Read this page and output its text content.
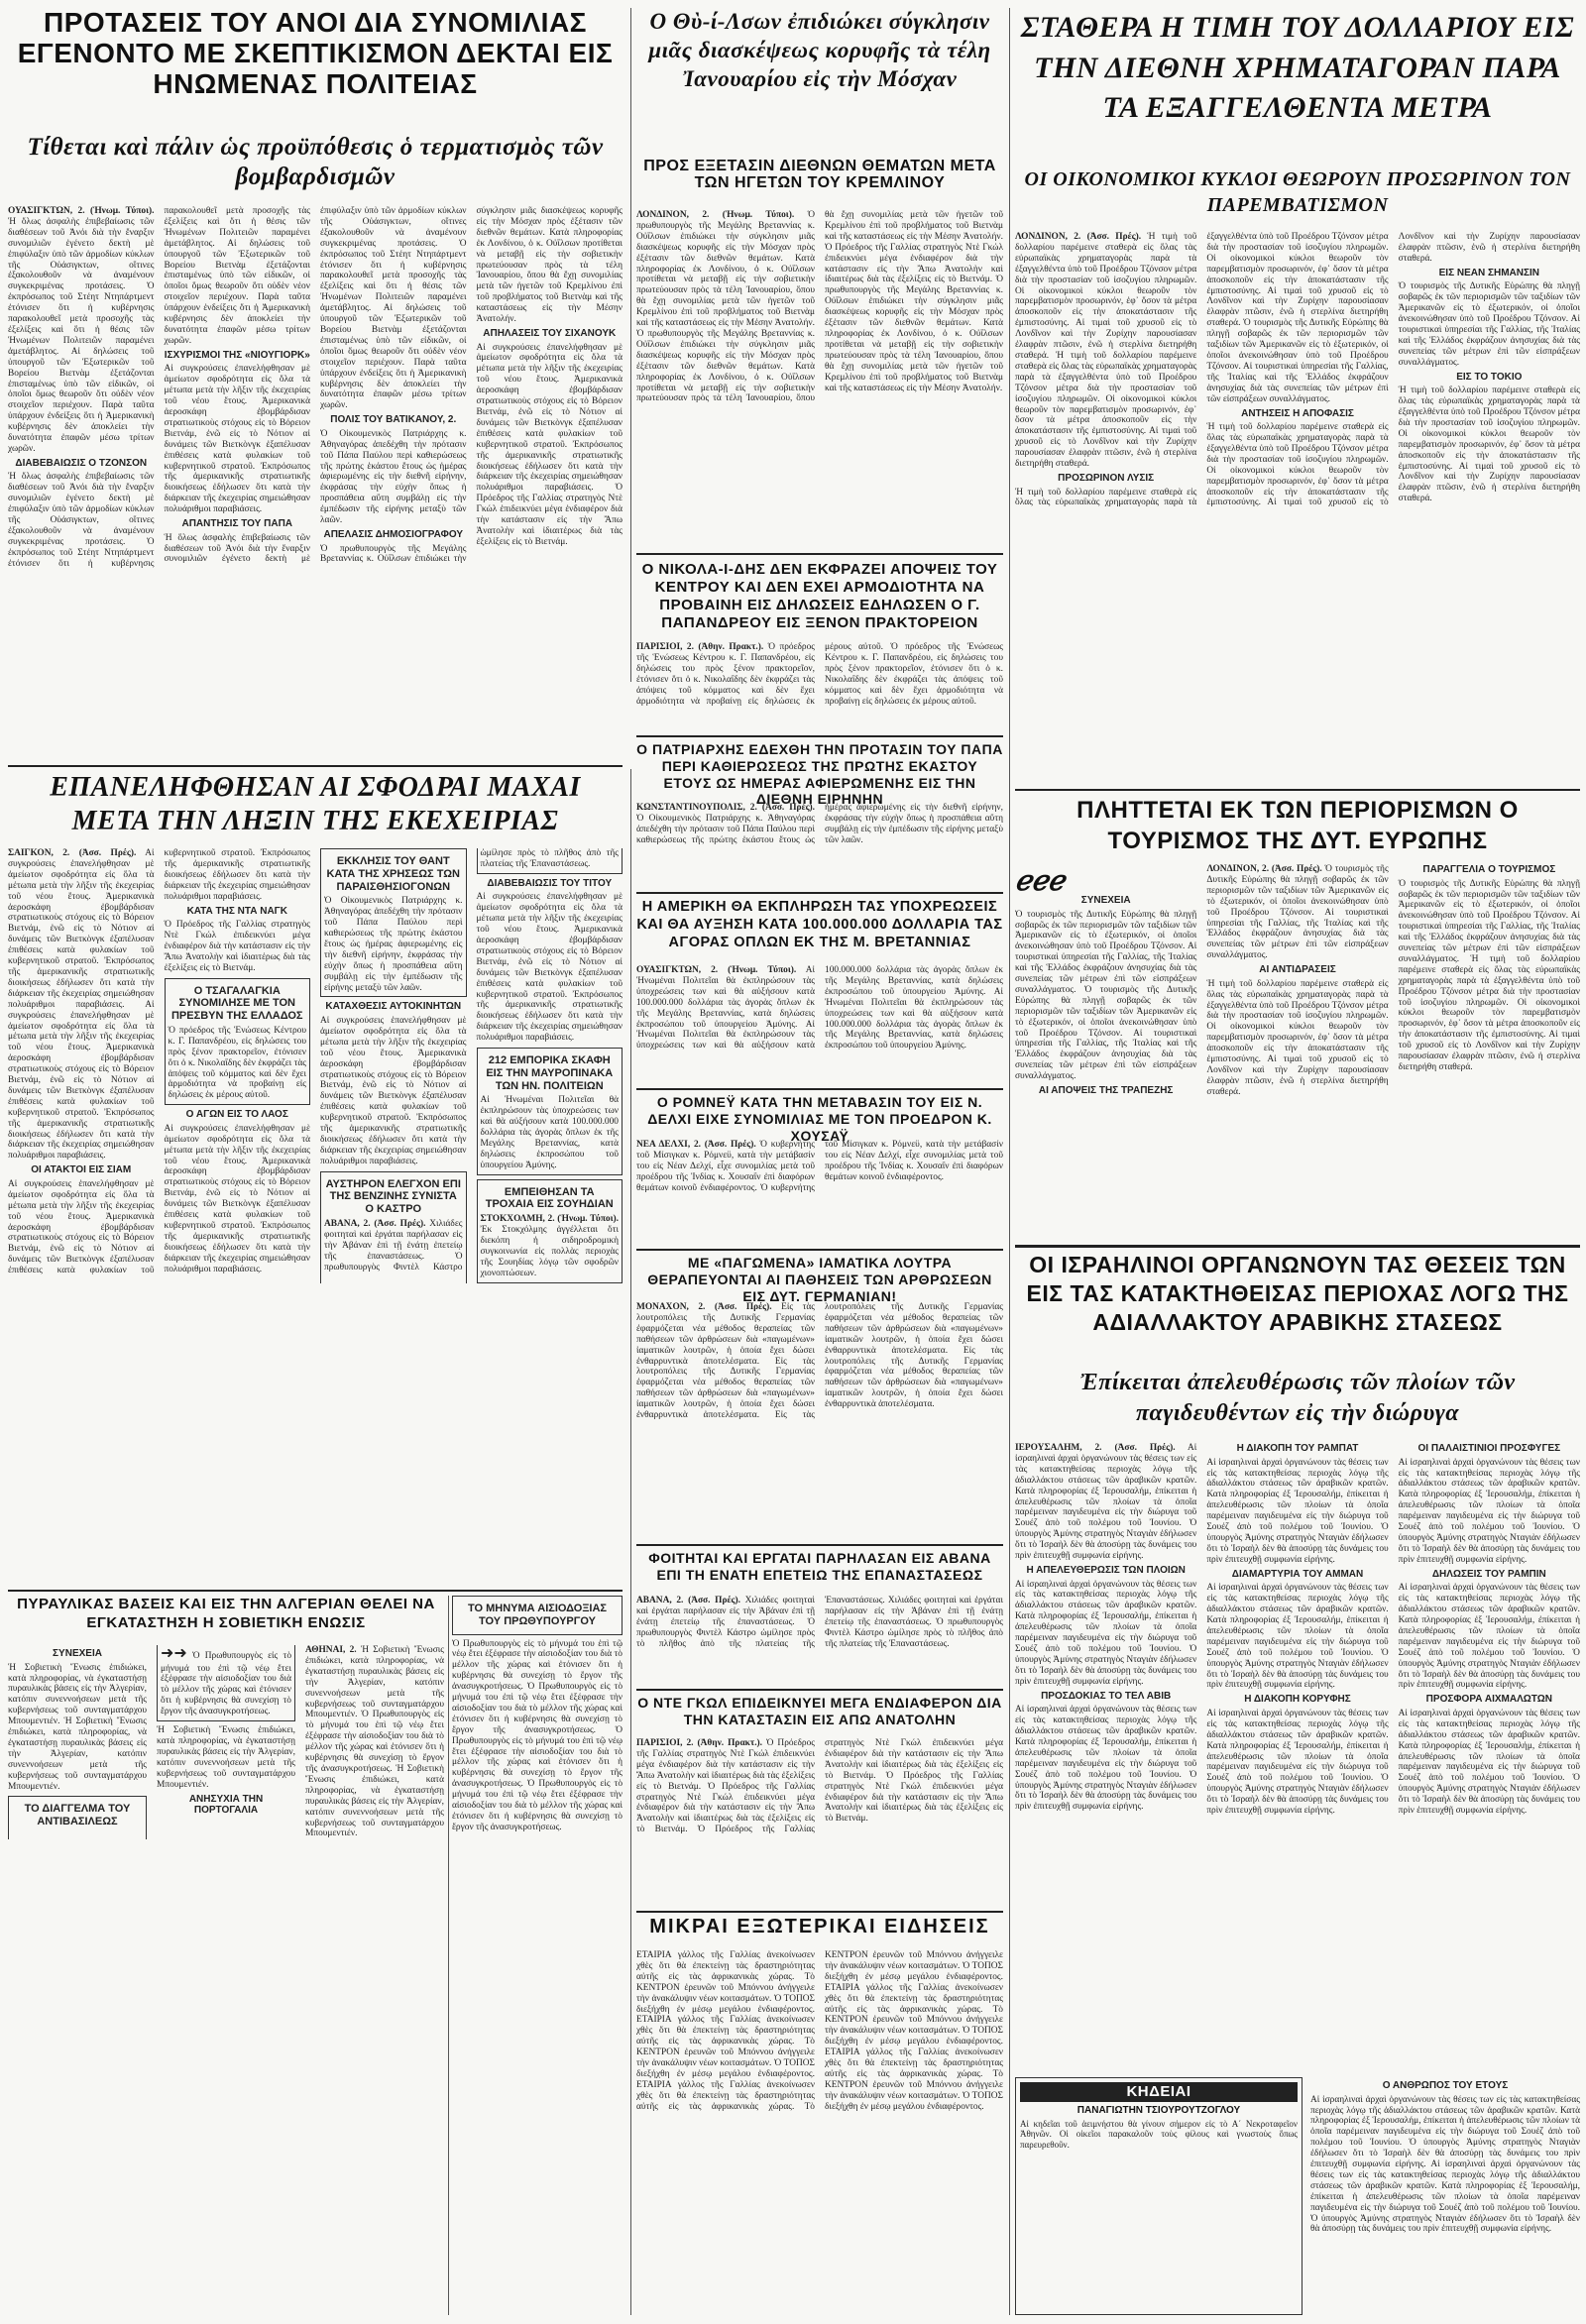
ΠΡΟΤΑΣΕΙΣ ΤΟΥ ΑΝΟΙ ΔΙΑ ΣΥΝΟΜΙΛΙΑΣ ΕΓΕΝΟΝΤΟ ΜΕ ΣΚΕΠΤΙΚΙΣΜΟΝ ΔΕΚΤΑΙ ΕΙΣ ΗΝΩΜΕΝΑΣ ΠΟΛΙΤΕΙΑΣ
Τίθεται καὶ πάλιν ὡς προϋπόθεσις ὁ τερματισμὸς τῶν βομβαρδισμῶν
ΟΥΑΣΙΓΚΤΩΝ, 2. (Ἡνωμ. Τύποι). Ἡ ὅλως ἀσφαλὴς ἐπιβεβαίωσις τῶν διαθέσεων τοῦ Ἀνόι διὰ τὴν ἔναρξιν συνομιλιῶν ἐγένετο δεκτὴ μὲ ἐπιφύλαξιν ὑπὸ τῶν ἁρμοδίων κύκλων τῆς Οὐάσιγκτων, οἵτινες ἐξακολουθοῦν νὰ ἀναμένουν συγκεκριμένας προτάσεις. Ὁ ἐκπρόσωπος τοῦ Στέητ Ντηπάρτμεντ ἐτόνισεν ὅτι ἡ κυβέρνησις παρακολουθεῖ μετὰ προσοχῆς τὰς ἐξελίξεις καὶ ὅτι ἡ θέσις τῶν Ἡνωμένων Πολιτειῶν παραμένει ἀμετάβλητος. Αἱ δηλώσεις τοῦ ὑπουργοῦ τῶν Ἐξωτερικῶν τοῦ Βορείου Βιετνὰμ ἐξετάζονται ἐπισταμένως ὑπὸ τῶν εἰδικῶν, οἱ ὁποῖοι ὅμως θεωροῦν ὅτι οὐδὲν νέον στοιχεῖον περιέχουν. Παρὰ ταῦτα ὑπάρχουν ἐνδείξεις ὅτι ἡ Ἀμερικανικὴ κυβέρνησις δὲν ἀποκλείει τὴν δυνατότητα ἐπαφῶν μέσω τρίτων χωρῶν.
ΔΙΑΒΕΒΑΙΩΣΙΣ Ο ΤΖΟΝΣΟΝ
Ἡ ὅλως ἀσφαλὴς ἐπιβεβαίωσις τῶν διαθέσεων τοῦ Ἀνόι διὰ τὴν ἔναρξιν συνομιλιῶν ἐγένετο δεκτὴ μὲ ἐπιφύλαξιν ὑπὸ τῶν ἁρμοδίων κύκλων τῆς Οὐάσιγκτων, οἵτινες ἐξακολουθοῦν νὰ ἀναμένουν συγκεκριμένας προτάσεις. Ὁ ἐκπρόσωπος τοῦ Στέητ Ντηπάρτμεντ ἐτόνισεν ὅτι ἡ κυβέρνησις παρακολουθεῖ μετὰ προσοχῆς τὰς ἐξελίξεις καὶ ὅτι ἡ θέσις τῶν Ἡνωμένων Πολιτειῶν παραμένει ἀμετάβλητος. Αἱ δηλώσεις τοῦ ὑπουργοῦ τῶν Ἐξωτερικῶν τοῦ Βορείου Βιετνὰμ ἐξετάζονται ἐπισταμένως ὑπὸ τῶν εἰδικῶν, οἱ ὁποῖοι ὅμως θεωροῦν ὅτι οὐδὲν νέον στοιχεῖον περιέχουν. Παρὰ ταῦτα ὑπάρχουν ἐνδείξεις ὅτι ἡ Ἀμερικανικὴ κυβέρνησις δὲν ἀποκλείει τὴν δυνατότητα ἐπαφῶν μέσω τρίτων χωρῶν.
ΙΣΧΥΡΙΣΜΟΙ ΤΗΣ «ΝΙΟΥΓΙΟΡΚ»
Αἱ συγκρούσεις ἐπανελήφθησαν μὲ ἀμείωτον σφοδρότητα εἰς ὅλα τὰ μέτωπα μετὰ τὴν λῆξιν τῆς ἐκεχειρίας τοῦ νέου ἔτους. Ἀμερικανικὰ ἀεροσκάφη ἐβομβάρδισαν στρατιωτικοὺς στόχους εἰς τὸ Βόρειον Βιετνάμ, ἐνῶ εἰς τὸ Νότιον αἱ δυνάμεις τῶν Βιετκὸνγκ ἐξαπέλυσαν ἐπιθέσεις κατὰ φυλακίων τοῦ κυβερνητικοῦ στρατοῦ. Ἐκπρόσωπος τῆς ἀμερικανικῆς στρατιωτικῆς διοικήσεως ἐδήλωσεν ὅτι κατὰ τὴν διάρκειαν τῆς ἐκεχειρίας σημειώθησαν πολυάριθμοι παραβιάσεις.
ΑΠΑΝΤΗΣΙΣ ΤΟΥ ΠΑΠΑ
Ἡ ὅλως ἀσφαλὴς ἐπιβεβαίωσις τῶν διαθέσεων τοῦ Ἀνόι διὰ τὴν ἔναρξιν συνομιλιῶν ἐγένετο δεκτὴ μὲ ἐπιφύλαξιν ὑπὸ τῶν ἁρμοδίων κύκλων τῆς Οὐάσιγκτων, οἵτινες ἐξακολουθοῦν νὰ ἀναμένουν συγκεκριμένας προτάσεις. Ὁ ἐκπρόσωπος τοῦ Στέητ Ντηπάρτμεντ ἐτόνισεν ὅτι ἡ κυβέρνησις παρακολουθεῖ μετὰ προσοχῆς τὰς ἐξελίξεις καὶ ὅτι ἡ θέσις τῶν Ἡνωμένων Πολιτειῶν παραμένει ἀμετάβλητος. Αἱ δηλώσεις τοῦ ὑπουργοῦ τῶν Ἐξωτερικῶν τοῦ Βορείου Βιετνὰμ ἐξετάζονται ἐπισταμένως ὑπὸ τῶν εἰδικῶν, οἱ ὁποῖοι ὅμως θεωροῦν ὅτι οὐδὲν νέον στοιχεῖον περιέχουν. Παρὰ ταῦτα ὑπάρχουν ἐνδείξεις ὅτι ἡ Ἀμερικανικὴ κυβέρνησις δὲν ἀποκλείει τὴν δυνατότητα ἐπαφῶν μέσω τρίτων χωρῶν.
ΠΟΛΙΣ ΤΟΥ ΒΑΤΙΚΑΝΟΥ, 2.
Ὁ Οἰκουμενικὸς Πατριάρχης κ. Ἀθηναγόρας ἀπεδέχθη τὴν πρότασιν τοῦ Πάπα Παύλου περὶ καθιερώσεως τῆς πρώτης ἑκάστου ἔτους ὡς ἡμέρας ἀφιερωμένης εἰς τὴν διεθνῆ εἰρήνην, ἐκφράσας τὴν εὐχὴν ὅπως ἡ προσπάθεια αὕτη συμβάλῃ εἰς τὴν ἐμπέδωσιν τῆς εἰρήνης μεταξὺ τῶν λαῶν.
ΑΠΕΛΑΣΙΣ ΔΗΜΟΣΙΟΓΡΑΦΟΥ
Ὁ πρωθυπουργὸς τῆς Μεγάλης Βρεταννίας κ. Οὐΐλσων ἐπιδιώκει τὴν σύγκλησιν μιᾶς διασκέψεως κορυφῆς εἰς τὴν Μόσχαν πρὸς ἐξέτασιν τῶν διεθνῶν θεμάτων. Κατὰ πληροφορίας ἐκ Λονδίνου, ὁ κ. Οὐΐλσων προτίθεται νὰ μεταβῇ εἰς τὴν σοβιετικὴν πρωτεύουσαν πρὸς τὰ τέλη Ἰανουαρίου, ὅπου θὰ ἔχῃ συνομιλίας μετὰ τῶν ἡγετῶν τοῦ Κρεμλίνου ἐπὶ τοῦ προβλήματος τοῦ Βιετνὰμ καὶ τῆς καταστάσεως εἰς τὴν Μέσην Ἀνατολήν.
ΑΠΗΛΑΣΕΙΣ ΤΟΥ ΣΙΧΑΝΟΥΚ
Αἱ συγκρούσεις ἐπανελήφθησαν μὲ ἀμείωτον σφοδρότητα εἰς ὅλα τὰ μέτωπα μετὰ τὴν λῆξιν τῆς ἐκεχειρίας τοῦ νέου ἔτους. Ἀμερικανικὰ ἀεροσκάφη ἐβομβάρδισαν στρατιωτικοὺς στόχους εἰς τὸ Βόρειον Βιετνάμ, ἐνῶ εἰς τὸ Νότιον αἱ δυνάμεις τῶν Βιετκὸνγκ ἐξαπέλυσαν ἐπιθέσεις κατὰ φυλακίων τοῦ κυβερνητικοῦ στρατοῦ. Ἐκπρόσωπος τῆς ἀμερικανικῆς στρατιωτικῆς διοικήσεως ἐδήλωσεν ὅτι κατὰ τὴν διάρκειαν τῆς ἐκεχειρίας σημειώθησαν πολυάριθμοι παραβιάσεις. Ὁ Πρόεδρος τῆς Γαλλίας στρατηγὸς Ντὲ Γκώλ ἐπιδεικνύει μέγα ἐνδιαφέρον διὰ τὴν κατάστασιν εἰς τὴν Ἄπω Ἀνατολὴν καὶ ἰδιαιτέρως διὰ τὰς ἐξελίξεις εἰς τὸ Βιετνάμ.
Ο Θὺ-ί-Λσων ἐπιδιώκει σύγκλησιν μιᾶς διασκέψεως κορυφῆς τὰ τέλη Ἰανουαρίου εἰς τὴν Μόσχαν
ΠΡΟΣ ΕΞΕΤΑΣΙΝ ΔΙΕΘΝΩΝ ΘΕΜΑΤΩΝ ΜΕΤΑ ΤΩΝ ΗΓΕΤΩΝ ΤΟΥ ΚΡΕΜΛΙΝΟΥ
ΛΟΝΔΙΝΟΝ, 2. (Ἡνωμ. Τύποι). Ὁ πρωθυπουργὸς τῆς Μεγάλης Βρεταννίας κ. Οὐΐλσων ἐπιδιώκει τὴν σύγκλησιν μιᾶς διασκέψεως κορυφῆς εἰς τὴν Μόσχαν πρὸς ἐξέτασιν τῶν διεθνῶν θεμάτων. Κατὰ πληροφορίας ἐκ Λονδίνου, ὁ κ. Οὐΐλσων προτίθεται νὰ μεταβῇ εἰς τὴν σοβιετικὴν πρωτεύουσαν πρὸς τὰ τέλη Ἰανουαρίου, ὅπου θὰ ἔχῃ συνομιλίας μετὰ τῶν ἡγετῶν τοῦ Κρεμλίνου ἐπὶ τοῦ προβλήματος τοῦ Βιετνὰμ καὶ τῆς καταστάσεως εἰς τὴν Μέσην Ἀνατολήν. Ὁ πρωθυπουργὸς τῆς Μεγάλης Βρεταννίας κ. Οὐΐλσων ἐπιδιώκει τὴν σύγκλησιν μιᾶς διασκέψεως κορυφῆς εἰς τὴν Μόσχαν πρὸς ἐξέτασιν τῶν διεθνῶν θεμάτων. Κατὰ πληροφορίας ἐκ Λονδίνου, ὁ κ. Οὐΐλσων προτίθεται νὰ μεταβῇ εἰς τὴν σοβιετικὴν πρωτεύουσαν πρὸς τὰ τέλη Ἰανουαρίου, ὅπου θὰ ἔχῃ συνομιλίας μετὰ τῶν ἡγετῶν τοῦ Κρεμλίνου ἐπὶ τοῦ προβλήματος τοῦ Βιετνὰμ καὶ τῆς καταστάσεως εἰς τὴν Μέσην Ἀνατολήν. Ὁ Πρόεδρος τῆς Γαλλίας στρατηγὸς Ντὲ Γκώλ ἐπιδεικνύει μέγα ἐνδιαφέρον διὰ τὴν κατάστασιν εἰς τὴν Ἄπω Ἀνατολὴν καὶ ἰδιαιτέρως διὰ τὰς ἐξελίξεις εἰς τὸ Βιετνάμ. Ὁ πρωθυπουργὸς τῆς Μεγάλης Βρεταννίας κ. Οὐΐλσων ἐπιδιώκει τὴν σύγκλησιν μιᾶς διασκέψεως κορυφῆς εἰς τὴν Μόσχαν πρὸς ἐξέτασιν τῶν διεθνῶν θεμάτων. Κατὰ πληροφορίας ἐκ Λονδίνου, ὁ κ. Οὐΐλσων προτίθεται νὰ μεταβῇ εἰς τὴν σοβιετικὴν πρωτεύουσαν πρὸς τὰ τέλη Ἰανουαρίου, ὅπου θὰ ἔχῃ συνομιλίας μετὰ τῶν ἡγετῶν τοῦ Κρεμλίνου ἐπὶ τοῦ προβλήματος τοῦ Βιετνὰμ καὶ τῆς καταστάσεως εἰς τὴν Μέσην Ἀνατολήν.
ΣΤΑΘΕΡΑ Η ΤΙΜΗ ΤΟΥ ΔΟΛΛΑΡΙΟΥ ΕΙΣ ΤΗΝ ΔΙΕΘΝΗ ΧΡΗΜΑΤΑΓΟΡΑΝ ΠΑΡΑ ΤΑ ΕΞΑΓΓΕΛΘΕΝΤΑ ΜΕΤΡΑ
ΟΙ ΟΙΚΟΝΟΜΙΚΟΙ ΚΥΚΛΟΙ ΘΕΩΡΟΥΝ ΠΡΟΣΩΡΙΝΟΝ ΤΟΝ ΠΑΡΕΜΒΑΤΙΣΜΟΝ
ΛΟΝΔΙΝΟΝ, 2. (Ἀσσ. Πρές). Ἡ τιμὴ τοῦ δολλαρίου παρέμεινε σταθερὰ εἰς ὅλας τὰς εὐρωπαϊκὰς χρηματαγορὰς παρὰ τὰ ἐξαγγελθέντα ὑπὸ τοῦ Προέδρου Τζόνσον μέτρα διὰ τὴν προστασίαν τοῦ ἰσοζυγίου πληρωμῶν. Οἱ οἰκονομικοὶ κύκλοι θεωροῦν τὸν παρεμβατισμὸν προσωρινόν, ἐφ᾽ ὅσον τὰ μέτρα ἀποσκοποῦν εἰς τὴν ἀποκατάστασιν τῆς ἐμπιστοσύνης. Αἱ τιμαὶ τοῦ χρυσοῦ εἰς τὸ Λονδῖνον καὶ τὴν Ζυρίχην παρουσίασαν ἐλαφρὰν πτῶσιν, ἐνῶ ἡ στερλίνα διετηρήθη σταθερά. Ἡ τιμὴ τοῦ δολλαρίου παρέμεινε σταθερὰ εἰς ὅλας τὰς εὐρωπαϊκὰς χρηματαγορὰς παρὰ τὰ ἐξαγγελθέντα ὑπὸ τοῦ Προέδρου Τζόνσον μέτρα διὰ τὴν προστασίαν τοῦ ἰσοζυγίου πληρωμῶν. Οἱ οἰκονομικοὶ κύκλοι θεωροῦν τὸν παρεμβατισμὸν προσωρινόν, ἐφ᾽ ὅσον τὰ μέτρα ἀποσκοποῦν εἰς τὴν ἀποκατάστασιν τῆς ἐμπιστοσύνης. Αἱ τιμαὶ τοῦ χρυσοῦ εἰς τὸ Λονδῖνον καὶ τὴν Ζυρίχην παρουσίασαν ἐλαφρὰν πτῶσιν, ἐνῶ ἡ στερλίνα διετηρήθη σταθερά.
ΠΡΟΣΩΡΙΝΟΝ ΛΥΣΙΣ
Ἡ τιμὴ τοῦ δολλαρίου παρέμεινε σταθερὰ εἰς ὅλας τὰς εὐρωπαϊκὰς χρηματαγορὰς παρὰ τὰ ἐξαγγελθέντα ὑπὸ τοῦ Προέδρου Τζόνσον μέτρα διὰ τὴν προστασίαν τοῦ ἰσοζυγίου πληρωμῶν. Οἱ οἰκονομικοὶ κύκλοι θεωροῦν τὸν παρεμβατισμὸν προσωρινόν, ἐφ᾽ ὅσον τὰ μέτρα ἀποσκοποῦν εἰς τὴν ἀποκατάστασιν τῆς ἐμπιστοσύνης. Αἱ τιμαὶ τοῦ χρυσοῦ εἰς τὸ Λονδῖνον καὶ τὴν Ζυρίχην παρουσίασαν ἐλαφρὰν πτῶσιν, ἐνῶ ἡ στερλίνα διετηρήθη σταθερά. Ὁ τουρισμὸς τῆς Δυτικῆς Εὐρώπης θὰ πληγῇ σοβαρῶς ἐκ τῶν περιορισμῶν τῶν ταξιδίων τῶν Ἀμερικανῶν εἰς τὸ ἐξωτερικόν, οἱ ὁποῖοι ἀνεκοινώθησαν ὑπὸ τοῦ Προέδρου Τζόνσον. Αἱ τουριστικαὶ ὑπηρεσίαι τῆς Γαλλίας, τῆς Ἰταλίας καὶ τῆς Ἑλλάδος ἐκφράζουν ἀνησυχίας διὰ τὰς συνεπείας τῶν μέτρων ἐπὶ τῶν εἰσπράξεων συναλλάγματος.
ΑΝΤΗΣΕΙΣ Η ΑΠΟΦΑΣΙΣ
Ἡ τιμὴ τοῦ δολλαρίου παρέμεινε σταθερὰ εἰς ὅλας τὰς εὐρωπαϊκὰς χρηματαγορὰς παρὰ τὰ ἐξαγγελθέντα ὑπὸ τοῦ Προέδρου Τζόνσον μέτρα διὰ τὴν προστασίαν τοῦ ἰσοζυγίου πληρωμῶν. Οἱ οἰκονομικοὶ κύκλοι θεωροῦν τὸν παρεμβατισμὸν προσωρινόν, ἐφ᾽ ὅσον τὰ μέτρα ἀποσκοποῦν εἰς τὴν ἀποκατάστασιν τῆς ἐμπιστοσύνης. Αἱ τιμαὶ τοῦ χρυσοῦ εἰς τὸ Λονδῖνον καὶ τὴν Ζυρίχην παρουσίασαν ἐλαφρὰν πτῶσιν, ἐνῶ ἡ στερλίνα διετηρήθη σταθερά.
ΕΙΣ ΝΕΑΝ ΣΗΜΑΝΣΙΝ
Ὁ τουρισμὸς τῆς Δυτικῆς Εὐρώπης θὰ πληγῇ σοβαρῶς ἐκ τῶν περιορισμῶν τῶν ταξιδίων τῶν Ἀμερικανῶν εἰς τὸ ἐξωτερικόν, οἱ ὁποῖοι ἀνεκοινώθησαν ὑπὸ τοῦ Προέδρου Τζόνσον. Αἱ τουριστικαὶ ὑπηρεσίαι τῆς Γαλλίας, τῆς Ἰταλίας καὶ τῆς Ἑλλάδος ἐκφράζουν ἀνησυχίας διὰ τὰς συνεπείας τῶν μέτρων ἐπὶ τῶν εἰσπράξεων συναλλάγματος.
ΕΙΣ ΤΟ ΤΟΚΙΟ
Ἡ τιμὴ τοῦ δολλαρίου παρέμεινε σταθερὰ εἰς ὅλας τὰς εὐρωπαϊκὰς χρηματαγορὰς παρὰ τὰ ἐξαγγελθέντα ὑπὸ τοῦ Προέδρου Τζόνσον μέτρα διὰ τὴν προστασίαν τοῦ ἰσοζυγίου πληρωμῶν. Οἱ οἰκονομικοὶ κύκλοι θεωροῦν τὸν παρεμβατισμὸν προσωρινόν, ἐφ᾽ ὅσον τὰ μέτρα ἀποσκοποῦν εἰς τὴν ἀποκατάστασιν τῆς ἐμπιστοσύνης. Αἱ τιμαὶ τοῦ χρυσοῦ εἰς τὸ Λονδῖνον καὶ τὴν Ζυρίχην παρουσίασαν ἐλαφρὰν πτῶσιν, ἐνῶ ἡ στερλίνα διετηρήθη σταθερά.
Ο ΝΙΚΟΛΑ-Ι-ΔΗΣ ΔΕΝ ΕΚΦΡΑΖΕΙ ΑΠΟΨΕΙΣ ΤΟΥ ΚΕΝΤΡΟΥ ΚΑΙ ΔΕΝ ΕΧΕΙ ΑΡΜΟΔΙΟΤΗΤΑ ΝΑ ΠΡΟΒΑΙΝΗ ΕΙΣ ΔΗΛΩΣΕΙΣ ΕΔΗΛΩΣΕΝ Ο Γ. ΠΑΠΑΝΔΡΕΟΥ ΕΙΣ ΞΕΝΟΝ ΠΡΑΚΤΟΡΕΙΟΝ
ΠΑΡΙΣΙΟΙ, 2. (Ἀθην. Πρακτ.). Ὁ πρόεδρος τῆς Ἑνώσεως Κέντρου κ. Γ. Παπανδρέου, εἰς δηλώσεις του πρὸς ξένον πρακτορεῖον, ἐτόνισεν ὅτι ὁ κ. Νικολαΐδης δὲν ἐκφράζει τὰς ἀπόψεις τοῦ κόμματος καὶ δὲν ἔχει ἁρμοδιότητα νὰ προβαίνῃ εἰς δηλώσεις ἐκ μέρους αὐτοῦ. Ὁ πρόεδρος τῆς Ἑνώσεως Κέντρου κ. Γ. Παπανδρέου, εἰς δηλώσεις του πρὸς ξένον πρακτορεῖον, ἐτόνισεν ὅτι ὁ κ. Νικολαΐδης δὲν ἐκφράζει τὰς ἀπόψεις τοῦ κόμματος καὶ δὲν ἔχει ἁρμοδιότητα νὰ προβαίνῃ εἰς δηλώσεις ἐκ μέρους αὐτοῦ.
Ο ΠΑΤΡΙΑΡΧΗΣ ΕΔΕΧΘΗ ΤΗΝ ΠΡΟΤΑΣΙΝ ΤΟΥ ΠΑΠΑ ΠΕΡΙ ΚΑΘΙΕΡΩΣΕΩΣ ΤΗΣ ΠΡΩΤΗΣ ΕΚΑΣΤΟΥ ΕΤΟΥΣ ΩΣ ΗΜΕΡΑΣ ΑΦΙΕΡΩΜΕΝΗΣ ΕΙΣ ΤΗΝ ΔΙΕΘΝΗ ΕΙΡΗΝΗΝ
ΚΩΝΣΤΑΝΤΙΝΟΥΠΟΛΙΣ, 2. (Ἀσσ. Πρές). Ὁ Οἰκουμενικὸς Πατριάρχης κ. Ἀθηναγόρας ἀπεδέχθη τὴν πρότασιν τοῦ Πάπα Παύλου περὶ καθιερώσεως τῆς πρώτης ἑκάστου ἔτους ὡς ἡμέρας ἀφιερωμένης εἰς τὴν διεθνῆ εἰρήνην, ἐκφράσας τὴν εὐχὴν ὅπως ἡ προσπάθεια αὕτη συμβάλῃ εἰς τὴν ἐμπέδωσιν τῆς εἰρήνης μεταξὺ τῶν λαῶν.
ΕΠΑΝΕΛΗΦΘΗΣΑΝ ΑΙ ΣΦΟΔΡΑΙ ΜΑΧΑΙ ΜΕΤΑ ΤΗΝ ΛΗΞΙΝ ΤΗΣ ΕΚΕΧΕΙΡΙΑΣ
ΣΑΙΓΚΟΝ, 2. (Ἀσσ. Πρές). Αἱ συγκρούσεις ἐπανελήφθησαν μὲ ἀμείωτον σφοδρότητα εἰς ὅλα τὰ μέτωπα μετὰ τὴν λῆξιν τῆς ἐκεχειρίας τοῦ νέου ἔτους. Ἀμερικανικὰ ἀεροσκάφη ἐβομβάρδισαν στρατιωτικοὺς στόχους εἰς τὸ Βόρειον Βιετνάμ, ἐνῶ εἰς τὸ Νότιον αἱ δυνάμεις τῶν Βιετκὸνγκ ἐξαπέλυσαν ἐπιθέσεις κατὰ φυλακίων τοῦ κυβερνητικοῦ στρατοῦ. Ἐκπρόσωπος τῆς ἀμερικανικῆς στρατιωτικῆς διοικήσεως ἐδήλωσεν ὅτι κατὰ τὴν διάρκειαν τῆς ἐκεχειρίας σημειώθησαν πολυάριθμοι παραβιάσεις. Αἱ συγκρούσεις ἐπανελήφθησαν μὲ ἀμείωτον σφοδρότητα εἰς ὅλα τὰ μέτωπα μετὰ τὴν λῆξιν τῆς ἐκεχειρίας τοῦ νέου ἔτους. Ἀμερικανικὰ ἀεροσκάφη ἐβομβάρδισαν στρατιωτικοὺς στόχους εἰς τὸ Βόρειον Βιετνάμ, ἐνῶ εἰς τὸ Νότιον αἱ δυνάμεις τῶν Βιετκὸνγκ ἐξαπέλυσαν ἐπιθέσεις κατὰ φυλακίων τοῦ κυβερνητικοῦ στρατοῦ. Ἐκπρόσωπος τῆς ἀμερικανικῆς στρατιωτικῆς διοικήσεως ἐδήλωσεν ὅτι κατὰ τὴν διάρκειαν τῆς ἐκεχειρίας σημειώθησαν πολυάριθμοι παραβιάσεις.
ΟΙ ΑΤΑΚΤΟΙ ΕΙΣ ΣΙΑΜ
Αἱ συγκρούσεις ἐπανελήφθησαν μὲ ἀμείωτον σφοδρότητα εἰς ὅλα τὰ μέτωπα μετὰ τὴν λῆξιν τῆς ἐκεχειρίας τοῦ νέου ἔτους. Ἀμερικανικὰ ἀεροσκάφη ἐβομβάρδισαν στρατιωτικοὺς στόχους εἰς τὸ Βόρειον Βιετνάμ, ἐνῶ εἰς τὸ Νότιον αἱ δυνάμεις τῶν Βιετκὸνγκ ἐξαπέλυσαν ἐπιθέσεις κατὰ φυλακίων τοῦ κυβερνητικοῦ στρατοῦ. Ἐκπρόσωπος τῆς ἀμερικανικῆς στρατιωτικῆς διοικήσεως ἐδήλωσεν ὅτι κατὰ τὴν διάρκειαν τῆς ἐκεχειρίας σημειώθησαν πολυάριθμοι παραβιάσεις.
ΚΑΤΑ ΤΗΣ ΝΤΑ ΝΑΓΚ
Ὁ Πρόεδρος τῆς Γαλλίας στρατηγὸς Ντὲ Γκώλ ἐπιδεικνύει μέγα ἐνδιαφέρον διὰ τὴν κατάστασιν εἰς τὴν Ἄπω Ἀνατολὴν καὶ ἰδιαιτέρως διὰ τὰς ἐξελίξεις εἰς τὸ Βιετνάμ.
Ο ΤΣΑΓΑΛΑΓΚΙΑ ΣΥΝΟΜΙΛΗΣΕ ΜΕ ΤΟΝ ΠΡΕΣΒΥΝ ΤΗΣ ΕΛΛΑΔΟΣ
Ὁ πρόεδρος τῆς Ἑνώσεως Κέντρου κ. Γ. Παπανδρέου, εἰς δηλώσεις του πρὸς ξένον πρακτορεῖον, ἐτόνισεν ὅτι ὁ κ. Νικολαΐδης δὲν ἐκφράζει τὰς ἀπόψεις τοῦ κόμματος καὶ δὲν ἔχει ἁρμοδιότητα νὰ προβαίνῃ εἰς δηλώσεις ἐκ μέρους αὐτοῦ.
Ο ΑΓΩΝ ΕΙΣ ΤΟ ΛΑΟΣ
Αἱ συγκρούσεις ἐπανελήφθησαν μὲ ἀμείωτον σφοδρότητα εἰς ὅλα τὰ μέτωπα μετὰ τὴν λῆξιν τῆς ἐκεχειρίας τοῦ νέου ἔτους. Ἀμερικανικὰ ἀεροσκάφη ἐβομβάρδισαν στρατιωτικοὺς στόχους εἰς τὸ Βόρειον Βιετνάμ, ἐνῶ εἰς τὸ Νότιον αἱ δυνάμεις τῶν Βιετκὸνγκ ἐξαπέλυσαν ἐπιθέσεις κατὰ φυλακίων τοῦ κυβερνητικοῦ στρατοῦ. Ἐκπρόσωπος τῆς ἀμερικανικῆς στρατιωτικῆς διοικήσεως ἐδήλωσεν ὅτι κατὰ τὴν διάρκειαν τῆς ἐκεχειρίας σημειώθησαν πολυάριθμοι παραβιάσεις.
ΕΚΚΛΗΣΙΣ ΤΟΥ ΘΑΝΤ ΚΑΤΑ ΤΗΣ ΧΡΗΣΕΩΣ ΤΩΝ ΠΑΡΑΙΣΘΗΣΙΟΓΟΝΩΝ
Ὁ Οἰκουμενικὸς Πατριάρχης κ. Ἀθηναγόρας ἀπεδέχθη τὴν πρότασιν τοῦ Πάπα Παύλου περὶ καθιερώσεως τῆς πρώτης ἑκάστου ἔτους ὡς ἡμέρας ἀφιερωμένης εἰς τὴν διεθνῆ εἰρήνην, ἐκφράσας τὴν εὐχὴν ὅπως ἡ προσπάθεια αὕτη συμβάλῃ εἰς τὴν ἐμπέδωσιν τῆς εἰρήνης μεταξὺ τῶν λαῶν.
ΚΑΤΑΧΘΕΣΙΣ ΑΥΤΟΚΙΝΗΤΩΝ
Αἱ συγκρούσεις ἐπανελήφθησαν μὲ ἀμείωτον σφοδρότητα εἰς ὅλα τὰ μέτωπα μετὰ τὴν λῆξιν τῆς ἐκεχειρίας τοῦ νέου ἔτους. Ἀμερικανικὰ ἀεροσκάφη ἐβομβάρδισαν στρατιωτικοὺς στόχους εἰς τὸ Βόρειον Βιετνάμ, ἐνῶ εἰς τὸ Νότιον αἱ δυνάμεις τῶν Βιετκὸνγκ ἐξαπέλυσαν ἐπιθέσεις κατὰ φυλακίων τοῦ κυβερνητικοῦ στρατοῦ. Ἐκπρόσωπος τῆς ἀμερικανικῆς στρατιωτικῆς διοικήσεως ἐδήλωσεν ὅτι κατὰ τὴν διάρκειαν τῆς ἐκεχειρίας σημειώθησαν πολυάριθμοι παραβιάσεις.
ΑΥΣΤΗΡΟΝ ΕΛΕΓΧΟΝ ΕΠΙ ΤΗΣ ΒΕΝΖΙΝΗΣ ΣΥΝΙΣΤΑ Ο ΚΑΣΤΡΟ
ΑΒΑΝΑ, 2. (Ἀσσ. Πρές). Χιλιάδες φοιτηταὶ καὶ ἐργάται παρήλασαν εἰς τὴν Ἀβάναν ἐπὶ τῇ ἐνάτῃ ἐπετείῳ τῆς ἐπαναστάσεως. Ὁ πρωθυπουργὸς Φιντὲλ Κάστρο ὡμίλησε πρὸς τὸ πλῆθος ἀπὸ τῆς πλατείας τῆς Ἐπαναστάσεως.
ΔΙΑΒΕΒΑΙΩΣΙΣ ΤΟΥ ΤΙΤΟΥ
Αἱ συγκρούσεις ἐπανελήφθησαν μὲ ἀμείωτον σφοδρότητα εἰς ὅλα τὰ μέτωπα μετὰ τὴν λῆξιν τῆς ἐκεχειρίας τοῦ νέου ἔτους. Ἀμερικανικὰ ἀεροσκάφη ἐβομβάρδισαν στρατιωτικοὺς στόχους εἰς τὸ Βόρειον Βιετνάμ, ἐνῶ εἰς τὸ Νότιον αἱ δυνάμεις τῶν Βιετκὸνγκ ἐξαπέλυσαν ἐπιθέσεις κατὰ φυλακίων τοῦ κυβερνητικοῦ στρατοῦ. Ἐκπρόσωπος τῆς ἀμερικανικῆς στρατιωτικῆς διοικήσεως ἐδήλωσεν ὅτι κατὰ τὴν διάρκειαν τῆς ἐκεχειρίας σημειώθησαν πολυάριθμοι παραβιάσεις.
212 ΕΜΠΟΡΙΚΑ ΣΚΑΦΗ ΕΙΣ ΤΗΝ ΜΑΥΡΟΠΙΝΑΚΑ ΤΩΝ ΗΝ. ΠΟΛΙΤΕΙΩΝ
Αἱ Ἡνωμέναι Πολιτεῖαι θὰ ἐκπληρώσουν τὰς ὑποχρεώσεις των καὶ θὰ αὐξήσουν κατὰ 100.000.000 δολλάρια τὰς ἀγορὰς ὅπλων ἐκ τῆς Μεγάλης Βρεταννίας, κατὰ δηλώσεις ἐκπροσώπου τοῦ ὑπουργείου Ἀμύνης.
ΕΜΠΕΙΘΗΣΑΝ ΤΑ ΤΡΟΧΑΙΑ ΕΙΣ ΣΟΥΗΔΙΑΝ
ΣΤΟΚΧΟΛΜΗ, 2. (Ἡνωμ. Τύποι). Ἐκ Στοκχόλμης ἀγγέλλεται ὅτι διεκόπη ἡ σιδηροδρομικὴ συγκοινωνία εἰς πολλὰς περιοχὰς τῆς Σουηδίας λόγῳ τῶν σφοδρῶν χιονοπτώσεων.
ΠΛΗΤΤΕΤΑΙ ΕΚ ΤΩΝ ΠΕΡΙΟΡΙΣΜΩΝ Ο ΤΟΥΡΙΣΜΟΣ ΤΗΣ ΔΥΤ. ΕΥΡΩΠΗΣ
ℯℯℯ
ΣΥΝΕΧΕΙΑ
Ὁ τουρισμὸς τῆς Δυτικῆς Εὐρώπης θὰ πληγῇ σοβαρῶς ἐκ τῶν περιορισμῶν τῶν ταξιδίων τῶν Ἀμερικανῶν εἰς τὸ ἐξωτερικόν, οἱ ὁποῖοι ἀνεκοινώθησαν ὑπὸ τοῦ Προέδρου Τζόνσον. Αἱ τουριστικαὶ ὑπηρεσίαι τῆς Γαλλίας, τῆς Ἰταλίας καὶ τῆς Ἑλλάδος ἐκφράζουν ἀνησυχίας διὰ τὰς συνεπείας τῶν μέτρων ἐπὶ τῶν εἰσπράξεων συναλλάγματος. Ὁ τουρισμὸς τῆς Δυτικῆς Εὐρώπης θὰ πληγῇ σοβαρῶς ἐκ τῶν περιορισμῶν τῶν ταξιδίων τῶν Ἀμερικανῶν εἰς τὸ ἐξωτερικόν, οἱ ὁποῖοι ἀνεκοινώθησαν ὑπὸ τοῦ Προέδρου Τζόνσον. Αἱ τουριστικαὶ ὑπηρεσίαι τῆς Γαλλίας, τῆς Ἰταλίας καὶ τῆς Ἑλλάδος ἐκφράζουν ἀνησυχίας διὰ τὰς συνεπείας τῶν μέτρων ἐπὶ τῶν εἰσπράξεων συναλλάγματος.
ΑΙ ΑΠΟΨΕΙΣ ΤΗΣ ΤΡΑΠΕΖΗΣ
ΛΟΝΔΙΝΟΝ, 2. (Ἀσσ. Πρές). Ὁ τουρισμὸς τῆς Δυτικῆς Εὐρώπης θὰ πληγῇ σοβαρῶς ἐκ τῶν περιορισμῶν τῶν ταξιδίων τῶν Ἀμερικανῶν εἰς τὸ ἐξωτερικόν, οἱ ὁποῖοι ἀνεκοινώθησαν ὑπὸ τοῦ Προέδρου Τζόνσον. Αἱ τουριστικαὶ ὑπηρεσίαι τῆς Γαλλίας, τῆς Ἰταλίας καὶ τῆς Ἑλλάδος ἐκφράζουν ἀνησυχίας διὰ τὰς συνεπείας τῶν μέτρων ἐπὶ τῶν εἰσπράξεων συναλλάγματος.
ΑΙ ΑΝΤΙΔΡΑΣΕΙΣ
Ἡ τιμὴ τοῦ δολλαρίου παρέμεινε σταθερὰ εἰς ὅλας τὰς εὐρωπαϊκὰς χρηματαγορὰς παρὰ τὰ ἐξαγγελθέντα ὑπὸ τοῦ Προέδρου Τζόνσον μέτρα διὰ τὴν προστασίαν τοῦ ἰσοζυγίου πληρωμῶν. Οἱ οἰκονομικοὶ κύκλοι θεωροῦν τὸν παρεμβατισμὸν προσωρινόν, ἐφ᾽ ὅσον τὰ μέτρα ἀποσκοποῦν εἰς τὴν ἀποκατάστασιν τῆς ἐμπιστοσύνης. Αἱ τιμαὶ τοῦ χρυσοῦ εἰς τὸ Λονδῖνον καὶ τὴν Ζυρίχην παρουσίασαν ἐλαφρὰν πτῶσιν, ἐνῶ ἡ στερλίνα διετηρήθη σταθερά.
ΠΑΡΑΓΓΕΛΙΑ Ο ΤΟΥΡΙΣΜΟΣ
Ὁ τουρισμὸς τῆς Δυτικῆς Εὐρώπης θὰ πληγῇ σοβαρῶς ἐκ τῶν περιορισμῶν τῶν ταξιδίων τῶν Ἀμερικανῶν εἰς τὸ ἐξωτερικόν, οἱ ὁποῖοι ἀνεκοινώθησαν ὑπὸ τοῦ Προέδρου Τζόνσον. Αἱ τουριστικαὶ ὑπηρεσίαι τῆς Γαλλίας, τῆς Ἰταλίας καὶ τῆς Ἑλλάδος ἐκφράζουν ἀνησυχίας διὰ τὰς συνεπείας τῶν μέτρων ἐπὶ τῶν εἰσπράξεων συναλλάγματος. Ἡ τιμὴ τοῦ δολλαρίου παρέμεινε σταθερὰ εἰς ὅλας τὰς εὐρωπαϊκὰς χρηματαγορὰς παρὰ τὰ ἐξαγγελθέντα ὑπὸ τοῦ Προέδρου Τζόνσον μέτρα διὰ τὴν προστασίαν τοῦ ἰσοζυγίου πληρωμῶν. Οἱ οἰκονομικοὶ κύκλοι θεωροῦν τὸν παρεμβατισμὸν προσωρινόν, ἐφ᾽ ὅσον τὰ μέτρα ἀποσκοποῦν εἰς τὴν ἀποκατάστασιν τῆς ἐμπιστοσύνης. Αἱ τιμαὶ τοῦ χρυσοῦ εἰς τὸ Λονδῖνον καὶ τὴν Ζυρίχην παρουσίασαν ἐλαφρὰν πτῶσιν, ἐνῶ ἡ στερλίνα διετηρήθη σταθερά.
Η ΑΜΕΡΙΚΗ ΘΑ ΕΚΠΛΗΡΩΣΗ ΤΑΣ ΥΠΟΧΡΕΩΣΕΙΣ ΚΑΙ ΘΑ ΑΥΞΗΣΗ ΚΑΤΑ 100.000.000 ΔΟΛΛΑΡΙΑ ΤΑΣ ΑΓΟΡΑΣ ΟΠΛΩΝ ΕΚ ΤΗΣ Μ. ΒΡΕΤΑΝΝΙΑΣ
ΟΥΑΣΙΓΚΤΩΝ, 2. (Ἡνωμ. Τύποι). Αἱ Ἡνωμέναι Πολιτεῖαι θὰ ἐκπληρώσουν τὰς ὑποχρεώσεις των καὶ θὰ αὐξήσουν κατὰ 100.000.000 δολλάρια τὰς ἀγορὰς ὅπλων ἐκ τῆς Μεγάλης Βρεταννίας, κατὰ δηλώσεις ἐκπροσώπου τοῦ ὑπουργείου Ἀμύνης. Αἱ Ἡνωμέναι Πολιτεῖαι θὰ ἐκπληρώσουν τὰς ὑποχρεώσεις των καὶ θὰ αὐξήσουν κατὰ 100.000.000 δολλάρια τὰς ἀγορὰς ὅπλων ἐκ τῆς Μεγάλης Βρεταννίας, κατὰ δηλώσεις ἐκπροσώπου τοῦ ὑπουργείου Ἀμύνης. Αἱ Ἡνωμέναι Πολιτεῖαι θὰ ἐκπληρώσουν τὰς ὑποχρεώσεις των καὶ θὰ αὐξήσουν κατὰ 100.000.000 δολλάρια τὰς ἀγορὰς ὅπλων ἐκ τῆς Μεγάλης Βρεταννίας, κατὰ δηλώσεις ἐκπροσώπου τοῦ ὑπουργείου Ἀμύνης.
Ο ΡΟΜΝΕΫ ΚΑΤΑ ΤΗΝ ΜΕΤΑΒΑΣΙΝ ΤΟΥ ΕΙΣ Ν. ΔΕΛΧΙ ΕΙΧΕ ΣΥΝΟΜΙΛΙΑΣ ΜΕ ΤΟΝ ΠΡΟΕΔΡΟΝ Κ. ΧΟΥΣΑΫ
ΝΕΑ ΔΕΛΧΙ, 2. (Ἀσσ. Πρές). Ὁ κυβερνήτης τοῦ Μίσιγκαν κ. Ρόμνεϋ, κατὰ τὴν μετάβασίν του εἰς Νέαν Δελχί, εἶχε συνομιλίας μετὰ τοῦ προέδρου τῆς Ἰνδίας κ. Χουσαΐν ἐπὶ διαφόρων θεμάτων κοινοῦ ἐνδιαφέροντος. Ὁ κυβερνήτης τοῦ Μίσιγκαν κ. Ρόμνεϋ, κατὰ τὴν μετάβασίν του εἰς Νέαν Δελχί, εἶχε συνομιλίας μετὰ τοῦ προέδρου τῆς Ἰνδίας κ. Χουσαΐν ἐπὶ διαφόρων θεμάτων κοινοῦ ἐνδιαφέροντος.
ΜΕ «ΠΑΓΩΜΕΝΑ» ΙΑΜΑΤΙΚΑ ΛΟΥΤΡΑ ΘΕΡΑΠΕΥΟΝΤΑΙ ΑΙ ΠΑΘΗΣΕΙΣ ΤΩΝ ΑΡΘΡΩΣΕΩΝ ΕΙΣ ΔΥΤ. ΓΕΡΜΑΝΙΑΝ!
ΜΟΝΑΧΟΝ, 2. (Ἀσσ. Πρές). Εἰς τὰς λουτροπόλεις τῆς Δυτικῆς Γερμανίας ἐφαρμόζεται νέα μέθοδος θεραπείας τῶν παθήσεων τῶν ἀρθρώσεων διὰ «παγωμένων» ἰαματικῶν λουτρῶν, ἡ ὁποία ἔχει δώσει ἐνθαρρυντικὰ ἀποτελέσματα. Εἰς τὰς λουτροπόλεις τῆς Δυτικῆς Γερμανίας ἐφαρμόζεται νέα μέθοδος θεραπείας τῶν παθήσεων τῶν ἀρθρώσεων διὰ «παγωμένων» ἰαματικῶν λουτρῶν, ἡ ὁποία ἔχει δώσει ἐνθαρρυντικὰ ἀποτελέσματα. Εἰς τὰς λουτροπόλεις τῆς Δυτικῆς Γερμανίας ἐφαρμόζεται νέα μέθοδος θεραπείας τῶν παθήσεων τῶν ἀρθρώσεων διὰ «παγωμένων» ἰαματικῶν λουτρῶν, ἡ ὁποία ἔχει δώσει ἐνθαρρυντικὰ ἀποτελέσματα. Εἰς τὰς λουτροπόλεις τῆς Δυτικῆς Γερμανίας ἐφαρμόζεται νέα μέθοδος θεραπείας τῶν παθήσεων τῶν ἀρθρώσεων διὰ «παγωμένων» ἰαματικῶν λουτρῶν, ἡ ὁποία ἔχει δώσει ἐνθαρρυντικὰ ἀποτελέσματα.
ΟΙ ΙΣΡΑΗΛΙΝΟΙ ΟΡΓΑΝΩΝΟΥΝ ΤΑΣ ΘΕΣΕΙΣ ΤΩΝ ΕΙΣ ΤΑΣ ΚΑΤΑΚΤΗΘΕΙΣΑΣ ΠΕΡΙΟΧΑΣ ΛΟΓΩ ΤΗΣ ΑΔΙΑΛΛΑΚΤΟΥ ΑΡΑΒΙΚΗΣ ΣΤΑΣΕΩΣ
Ἐπίκειται ἀπελευθέρωσις τῶν πλοίων τῶν παγιδευθέντων εἰς τὴν διώρυγα
ΙΕΡΟΥΣΑΛΗΜ, 2. (Ἀσσ. Πρές). Αἱ ἰσραηλιναὶ ἀρχαὶ ὀργανώνουν τὰς θέσεις των εἰς τὰς κατακτηθείσας περιοχὰς λόγῳ τῆς ἀδιαλλάκτου στάσεως τῶν ἀραβικῶν κρατῶν. Κατὰ πληροφορίας ἐξ Ἱερουσαλήμ, ἐπίκειται ἡ ἀπελευθέρωσις τῶν πλοίων τὰ ὁποῖα παρέμειναν παγιδευμένα εἰς τὴν διώρυγα τοῦ Σουέζ ἀπὸ τοῦ πολέμου τοῦ Ἰουνίου. Ὁ ὑπουργὸς Ἀμύνης στρατηγὸς Νταγιὰν ἐδήλωσεν ὅτι τὸ Ἰσραὴλ δὲν θὰ ἀποσύρῃ τὰς δυνάμεις του πρὶν ἐπιτευχθῇ συμφωνία εἰρήνης.
Η ΑΠΕΛΕΥΘΕΡΩΣΙΣ ΤΩΝ ΠΛΟΙΩΝ
Αἱ ἰσραηλιναὶ ἀρχαὶ ὀργανώνουν τὰς θέσεις των εἰς τὰς κατακτηθείσας περιοχὰς λόγῳ τῆς ἀδιαλλάκτου στάσεως τῶν ἀραβικῶν κρατῶν. Κατὰ πληροφορίας ἐξ Ἱερουσαλήμ, ἐπίκειται ἡ ἀπελευθέρωσις τῶν πλοίων τὰ ὁποῖα παρέμειναν παγιδευμένα εἰς τὴν διώρυγα τοῦ Σουέζ ἀπὸ τοῦ πολέμου τοῦ Ἰουνίου. Ὁ ὑπουργὸς Ἀμύνης στρατηγὸς Νταγιὰν ἐδήλωσεν ὅτι τὸ Ἰσραὴλ δὲν θὰ ἀποσύρῃ τὰς δυνάμεις του πρὶν ἐπιτευχθῇ συμφωνία εἰρήνης.
ΠΡΟΣΔΟΚΙΑΣ ΤΟ ΤΕΛ ΑΒΙΒ
Αἱ ἰσραηλιναὶ ἀρχαὶ ὀργανώνουν τὰς θέσεις των εἰς τὰς κατακτηθείσας περιοχὰς λόγῳ τῆς ἀδιαλλάκτου στάσεως τῶν ἀραβικῶν κρατῶν. Κατὰ πληροφορίας ἐξ Ἱερουσαλήμ, ἐπίκειται ἡ ἀπελευθέρωσις τῶν πλοίων τὰ ὁποῖα παρέμειναν παγιδευμένα εἰς τὴν διώρυγα τοῦ Σουέζ ἀπὸ τοῦ πολέμου τοῦ Ἰουνίου. Ὁ ὑπουργὸς Ἀμύνης στρατηγὸς Νταγιὰν ἐδήλωσεν ὅτι τὸ Ἰσραὴλ δὲν θὰ ἀποσύρῃ τὰς δυνάμεις του πρὶν ἐπιτευχθῇ συμφωνία εἰρήνης.
Η ΔΙΑΚΟΠΗ ΤΟΥ ΡΑΜΠΑΤ
Αἱ ἰσραηλιναὶ ἀρχαὶ ὀργανώνουν τὰς θέσεις των εἰς τὰς κατακτηθείσας περιοχὰς λόγῳ τῆς ἀδιαλλάκτου στάσεως τῶν ἀραβικῶν κρατῶν. Κατὰ πληροφορίας ἐξ Ἱερουσαλήμ, ἐπίκειται ἡ ἀπελευθέρωσις τῶν πλοίων τὰ ὁποῖα παρέμειναν παγιδευμένα εἰς τὴν διώρυγα τοῦ Σουέζ ἀπὸ τοῦ πολέμου τοῦ Ἰουνίου. Ὁ ὑπουργὸς Ἀμύνης στρατηγὸς Νταγιὰν ἐδήλωσεν ὅτι τὸ Ἰσραὴλ δὲν θὰ ἀποσύρῃ τὰς δυνάμεις του πρὶν ἐπιτευχθῇ συμφωνία εἰρήνης.
ΔΙΑΜΑΡΤΥΡΙΑ ΤΟΥ ΑΜΜΑΝ
Αἱ ἰσραηλιναὶ ἀρχαὶ ὀργανώνουν τὰς θέσεις των εἰς τὰς κατακτηθείσας περιοχὰς λόγῳ τῆς ἀδιαλλάκτου στάσεως τῶν ἀραβικῶν κρατῶν. Κατὰ πληροφορίας ἐξ Ἱερουσαλήμ, ἐπίκειται ἡ ἀπελευθέρωσις τῶν πλοίων τὰ ὁποῖα παρέμειναν παγιδευμένα εἰς τὴν διώρυγα τοῦ Σουέζ ἀπὸ τοῦ πολέμου τοῦ Ἰουνίου. Ὁ ὑπουργὸς Ἀμύνης στρατηγὸς Νταγιὰν ἐδήλωσεν ὅτι τὸ Ἰσραὴλ δὲν θὰ ἀποσύρῃ τὰς δυνάμεις του πρὶν ἐπιτευχθῇ συμφωνία εἰρήνης.
Η ΔΙΑΚΟΠΗ ΚΟΡΥΦΗΣ
Αἱ ἰσραηλιναὶ ἀρχαὶ ὀργανώνουν τὰς θέσεις των εἰς τὰς κατακτηθείσας περιοχὰς λόγῳ τῆς ἀδιαλλάκτου στάσεως τῶν ἀραβικῶν κρατῶν. Κατὰ πληροφορίας ἐξ Ἱερουσαλήμ, ἐπίκειται ἡ ἀπελευθέρωσις τῶν πλοίων τὰ ὁποῖα παρέμειναν παγιδευμένα εἰς τὴν διώρυγα τοῦ Σουέζ ἀπὸ τοῦ πολέμου τοῦ Ἰουνίου. Ὁ ὑπουργὸς Ἀμύνης στρατηγὸς Νταγιὰν ἐδήλωσεν ὅτι τὸ Ἰσραὴλ δὲν θὰ ἀποσύρῃ τὰς δυνάμεις του πρὶν ἐπιτευχθῇ συμφωνία εἰρήνης.
ΟΙ ΠΑΛΑΙΣΤΙΝΙΟΙ ΠΡΟΣΦΥΓΕΣ
Αἱ ἰσραηλιναὶ ἀρχαὶ ὀργανώνουν τὰς θέσεις των εἰς τὰς κατακτηθείσας περιοχὰς λόγῳ τῆς ἀδιαλλάκτου στάσεως τῶν ἀραβικῶν κρατῶν. Κατὰ πληροφορίας ἐξ Ἱερουσαλήμ, ἐπίκειται ἡ ἀπελευθέρωσις τῶν πλοίων τὰ ὁποῖα παρέμειναν παγιδευμένα εἰς τὴν διώρυγα τοῦ Σουέζ ἀπὸ τοῦ πολέμου τοῦ Ἰουνίου. Ὁ ὑπουργὸς Ἀμύνης στρατηγὸς Νταγιὰν ἐδήλωσεν ὅτι τὸ Ἰσραὴλ δὲν θὰ ἀποσύρῃ τὰς δυνάμεις του πρὶν ἐπιτευχθῇ συμφωνία εἰρήνης.
ΔΗΛΩΣΕΙΣ ΤΟΥ ΡΑΜΠΙΝ
Αἱ ἰσραηλιναὶ ἀρχαὶ ὀργανώνουν τὰς θέσεις των εἰς τὰς κατακτηθείσας περιοχὰς λόγῳ τῆς ἀδιαλλάκτου στάσεως τῶν ἀραβικῶν κρατῶν. Κατὰ πληροφορίας ἐξ Ἱερουσαλήμ, ἐπίκειται ἡ ἀπελευθέρωσις τῶν πλοίων τὰ ὁποῖα παρέμειναν παγιδευμένα εἰς τὴν διώρυγα τοῦ Σουέζ ἀπὸ τοῦ πολέμου τοῦ Ἰουνίου. Ὁ ὑπουργὸς Ἀμύνης στρατηγὸς Νταγιὰν ἐδήλωσεν ὅτι τὸ Ἰσραὴλ δὲν θὰ ἀποσύρῃ τὰς δυνάμεις του πρὶν ἐπιτευχθῇ συμφωνία εἰρήνης.
ΠΡΟΣΦΟΡΑ ΑΙΧΜΑΛΩΤΩΝ
Αἱ ἰσραηλιναὶ ἀρχαὶ ὀργανώνουν τὰς θέσεις των εἰς τὰς κατακτηθείσας περιοχὰς λόγῳ τῆς ἀδιαλλάκτου στάσεως τῶν ἀραβικῶν κρατῶν. Κατὰ πληροφορίας ἐξ Ἱερουσαλήμ, ἐπίκειται ἡ ἀπελευθέρωσις τῶν πλοίων τὰ ὁποῖα παρέμειναν παγιδευμένα εἰς τὴν διώρυγα τοῦ Σουέζ ἀπὸ τοῦ πολέμου τοῦ Ἰουνίου. Ὁ ὑπουργὸς Ἀμύνης στρατηγὸς Νταγιὰν ἐδήλωσεν ὅτι τὸ Ἰσραὴλ δὲν θὰ ἀποσύρῃ τὰς δυνάμεις του πρὶν ἐπιτευχθῇ συμφωνία εἰρήνης.
ΚΗΔΕΙΑΙ
ΠΑΝΑΓΙΩΤΗΝ ΤΣΙΟΥΡΟΥΤΖΟΓΛΟΥ
Αἱ κηδεῖαι τοῦ ἀειμνήστου θὰ γίνουν σήμερον εἰς τὸ Α΄ Νεκροταφεῖον Ἀθηνῶν. Οἱ οἰκεῖοι παρακαλοῦν τοὺς φίλους καὶ γνωστοὺς ὅπως παρευρεθοῦν.
Ο ΑΝΘΡΩΠΟΣ ΤΟΥ ΕΤΟΥΣ
Αἱ ἰσραηλιναὶ ἀρχαὶ ὀργανώνουν τὰς θέσεις των εἰς τὰς κατακτηθείσας περιοχὰς λόγῳ τῆς ἀδιαλλάκτου στάσεως τῶν ἀραβικῶν κρατῶν. Κατὰ πληροφορίας ἐξ Ἱερουσαλήμ, ἐπίκειται ἡ ἀπελευθέρωσις τῶν πλοίων τὰ ὁποῖα παρέμειναν παγιδευμένα εἰς τὴν διώρυγα τοῦ Σουέζ ἀπὸ τοῦ πολέμου τοῦ Ἰουνίου. Ὁ ὑπουργὸς Ἀμύνης στρατηγὸς Νταγιὰν ἐδήλωσεν ὅτι τὸ Ἰσραὴλ δὲν θὰ ἀποσύρῃ τὰς δυνάμεις του πρὶν ἐπιτευχθῇ συμφωνία εἰρήνης. Αἱ ἰσραηλιναὶ ἀρχαὶ ὀργανώνουν τὰς θέσεις των εἰς τὰς κατακτηθείσας περιοχὰς λόγῳ τῆς ἀδιαλλάκτου στάσεως τῶν ἀραβικῶν κρατῶν. Κατὰ πληροφορίας ἐξ Ἱερουσαλήμ, ἐπίκειται ἡ ἀπελευθέρωσις τῶν πλοίων τὰ ὁποῖα παρέμειναν παγιδευμένα εἰς τὴν διώρυγα τοῦ Σουέζ ἀπὸ τοῦ πολέμου τοῦ Ἰουνίου. Ὁ ὑπουργὸς Ἀμύνης στρατηγὸς Νταγιὰν ἐδήλωσεν ὅτι τὸ Ἰσραὴλ δὲν θὰ ἀποσύρῃ τὰς δυνάμεις του πρὶν ἐπιτευχθῇ συμφωνία εἰρήνης.
ΦΟΙΤΗΤΑΙ ΚΑΙ ΕΡΓΑΤΑΙ ΠΑΡΗΛΑΣΑΝ ΕΙΣ ΑΒΑΝΑ ΕΠΙ ΤΗ ΕΝΑΤΗ ΕΠΕΤΕΙΩ ΤΗΣ ΕΠΑΝΑΣΤΑΣΕΩΣ
ΑΒΑΝΑ, 2. (Ἀσσ. Πρές). Χιλιάδες φοιτηταὶ καὶ ἐργάται παρήλασαν εἰς τὴν Ἀβάναν ἐπὶ τῇ ἐνάτῃ ἐπετείῳ τῆς ἐπαναστάσεως. Ὁ πρωθυπουργὸς Φιντὲλ Κάστρο ὡμίλησε πρὸς τὸ πλῆθος ἀπὸ τῆς πλατείας τῆς Ἐπαναστάσεως. Χιλιάδες φοιτηταὶ καὶ ἐργάται παρήλασαν εἰς τὴν Ἀβάναν ἐπὶ τῇ ἐνάτῃ ἐπετείῳ τῆς ἐπαναστάσεως. Ὁ πρωθυπουργὸς Φιντὲλ Κάστρο ὡμίλησε πρὸς τὸ πλῆθος ἀπὸ τῆς πλατείας τῆς Ἐπαναστάσεως.
Ο ΝΤΕ ΓΚΩΛ ΕΠΙΔΕΙΚΝΥΕΙ ΜΕΓΑ ΕΝΔΙΑΦΕΡΟΝ ΔΙΑ ΤΗΝ ΚΑΤΑΣΤΑΣΙΝ ΕΙΣ ΑΠΩ ΑΝΑΤΟΛΗΝ
ΠΑΡΙΣΙΟΙ, 2. (Ἀθην. Πρακτ.). Ὁ Πρόεδρος τῆς Γαλλίας στρατηγὸς Ντὲ Γκώλ ἐπιδεικνύει μέγα ἐνδιαφέρον διὰ τὴν κατάστασιν εἰς τὴν Ἄπω Ἀνατολὴν καὶ ἰδιαιτέρως διὰ τὰς ἐξελίξεις εἰς τὸ Βιετνάμ. Ὁ Πρόεδρος τῆς Γαλλίας στρατηγὸς Ντὲ Γκώλ ἐπιδεικνύει μέγα ἐνδιαφέρον διὰ τὴν κατάστασιν εἰς τὴν Ἄπω Ἀνατολὴν καὶ ἰδιαιτέρως διὰ τὰς ἐξελίξεις εἰς τὸ Βιετνάμ. Ὁ Πρόεδρος τῆς Γαλλίας στρατηγὸς Ντὲ Γκώλ ἐπιδεικνύει μέγα ἐνδιαφέρον διὰ τὴν κατάστασιν εἰς τὴν Ἄπω Ἀνατολὴν καὶ ἰδιαιτέρως διὰ τὰς ἐξελίξεις εἰς τὸ Βιετνάμ. Ὁ Πρόεδρος τῆς Γαλλίας στρατηγὸς Ντὲ Γκώλ ἐπιδεικνύει μέγα ἐνδιαφέρον διὰ τὴν κατάστασιν εἰς τὴν Ἄπω Ἀνατολὴν καὶ ἰδιαιτέρως διὰ τὰς ἐξελίξεις εἰς τὸ Βιετνάμ.
ΜΙΚΡΑΙ ΕΞΩΤΕΡΙΚΑΙ ΕΙΔΗΣΕΙΣ
ΕΤΑΙΡΙΑ γάλλος τῆς Γαλλίας ἀνεκοίνωσεν χθὲς ὅτι θὰ ἐπεκτείνῃ τὰς δραστηριότητας αὐτῆς εἰς τὰς ἀφρικανικὰς χώρας. Τὸ ΚΕΝΤΡΟΝ ἐρευνῶν τοῦ Μπόννου ἀνήγγειλε τὴν ἀνακάλυψιν νέων κοιτασμάτων. Ὁ ΤΟΠΟΣ διεξήχθη ἐν μέσῳ μεγάλου ἐνδιαφέροντος. ΕΤΑΙΡΙΑ γάλλος τῆς Γαλλίας ἀνεκοίνωσεν χθὲς ὅτι θὰ ἐπεκτείνῃ τὰς δραστηριότητας αὐτῆς εἰς τὰς ἀφρικανικὰς χώρας. Τὸ ΚΕΝΤΡΟΝ ἐρευνῶν τοῦ Μπόννου ἀνήγγειλε τὴν ἀνακάλυψιν νέων κοιτασμάτων. Ὁ ΤΟΠΟΣ διεξήχθη ἐν μέσῳ μεγάλου ἐνδιαφέροντος. ΕΤΑΙΡΙΑ γάλλος τῆς Γαλλίας ἀνεκοίνωσεν χθὲς ὅτι θὰ ἐπεκτείνῃ τὰς δραστηριότητας αὐτῆς εἰς τὰς ἀφρικανικὰς χώρας. Τὸ ΚΕΝΤΡΟΝ ἐρευνῶν τοῦ Μπόννου ἀνήγγειλε τὴν ἀνακάλυψιν νέων κοιτασμάτων. Ὁ ΤΟΠΟΣ διεξήχθη ἐν μέσῳ μεγάλου ἐνδιαφέροντος. ΕΤΑΙΡΙΑ γάλλος τῆς Γαλλίας ἀνεκοίνωσεν χθὲς ὅτι θὰ ἐπεκτείνῃ τὰς δραστηριότητας αὐτῆς εἰς τὰς ἀφρικανικὰς χώρας. Τὸ ΚΕΝΤΡΟΝ ἐρευνῶν τοῦ Μπόννου ἀνήγγειλε τὴν ἀνακάλυψιν νέων κοιτασμάτων. Ὁ ΤΟΠΟΣ διεξήχθη ἐν μέσῳ μεγάλου ἐνδιαφέροντος. ΕΤΑΙΡΙΑ γάλλος τῆς Γαλλίας ἀνεκοίνωσεν χθὲς ὅτι θὰ ἐπεκτείνῃ τὰς δραστηριότητας αὐτῆς εἰς τὰς ἀφρικανικὰς χώρας. Τὸ ΚΕΝΤΡΟΝ ἐρευνῶν τοῦ Μπόννου ἀνήγγειλε τὴν ἀνακάλυψιν νέων κοιτασμάτων. Ὁ ΤΟΠΟΣ διεξήχθη ἐν μέσῳ μεγάλου ἐνδιαφέροντος.
ΠΥΡΑΥΛΙΚΑΣ ΒΑΣΕΙΣ ΚΑΙ ΕΙΣ ΤΗΝ ΑΛΓΕΡΙΑΝ ΘΕΛΕΙ ΝΑ ΕΓΚΑΤΑΣΤΗΣΗ Η ΣΟΒΙΕΤΙΚΗ ΕΝΩΣΙΣ
ΣΥΝΕΧΕΙΑ
Ἡ Σοβιετικὴ Ἕνωσις ἐπιδιώκει, κατὰ πληροφορίας, νὰ ἐγκαταστήσῃ πυραυλικὰς βάσεις εἰς τὴν Ἀλγερίαν, κατόπιν συνεννοήσεων μετὰ τῆς κυβερνήσεως τοῦ συνταγματάρχου Μπουμεντιέν. Ἡ Σοβιετικὴ Ἕνωσις ἐπιδιώκει, κατὰ πληροφορίας, νὰ ἐγκαταστήσῃ πυραυλικὰς βάσεις εἰς τὴν Ἀλγερίαν, κατόπιν συνεννοήσεων μετὰ τῆς κυβερνήσεως τοῦ συνταγματάρχου Μπουμεντιέν.
ΤΟ ΔΙΑΓΓΕΛΜΑ ΤΟΥ ΑΝΤΙΒΑΣΙΛΕΩΣ
➜➜ Ὁ Πρωθυπουργὸς εἰς τὸ μήνυμά του ἐπὶ τῷ νέῳ ἔτει ἐξέφρασε τὴν αἰσιοδοξίαν του διὰ τὸ μέλλον τῆς χώρας καὶ ἐτόνισεν ὅτι ἡ κυβέρνησις θὰ συνεχίσῃ τὸ ἔργον τῆς ἀνασυγκροτήσεως.
Ἡ Σοβιετικὴ Ἕνωσις ἐπιδιώκει, κατὰ πληροφορίας, νὰ ἐγκαταστήσῃ πυραυλικὰς βάσεις εἰς τὴν Ἀλγερίαν, κατόπιν συνεννοήσεων μετὰ τῆς κυβερνήσεως τοῦ συνταγματάρχου Μπουμεντιέν.
ΑΝΗΣΥΧΙΑ ΤΗΝ ΠΟΡΤΟΓΑΛΙΑ
ΑΘΗΝΑΙ, 2. Ἡ Σοβιετικὴ Ἕνωσις ἐπιδιώκει, κατὰ πληροφορίας, νὰ ἐγκαταστήσῃ πυραυλικὰς βάσεις εἰς τὴν Ἀλγερίαν, κατόπιν συνεννοήσεων μετὰ τῆς κυβερνήσεως τοῦ συνταγματάρχου Μπουμεντιέν. Ὁ Πρωθυπουργὸς εἰς τὸ μήνυμά του ἐπὶ τῷ νέῳ ἔτει ἐξέφρασε τὴν αἰσιοδοξίαν του διὰ τὸ μέλλον τῆς χώρας καὶ ἐτόνισεν ὅτι ἡ κυβέρνησις θὰ συνεχίσῃ τὸ ἔργον τῆς ἀνασυγκροτήσεως. Ἡ Σοβιετικὴ Ἕνωσις ἐπιδιώκει, κατὰ πληροφορίας, νὰ ἐγκαταστήσῃ πυραυλικὰς βάσεις εἰς τὴν Ἀλγερίαν, κατόπιν συνεννοήσεων μετὰ τῆς κυβερνήσεως τοῦ συνταγματάρχου Μπουμεντιέν.
ΤΟ ΜΗΝΥΜΑ ΑΙΣΙΟΔΟΞΙΑΣ ΤΟΥ ΠΡΩΘΥΠΟΥΡΓΟΥ
Ὁ Πρωθυπουργὸς εἰς τὸ μήνυμά του ἐπὶ τῷ νέῳ ἔτει ἐξέφρασε τὴν αἰσιοδοξίαν του διὰ τὸ μέλλον τῆς χώρας καὶ ἐτόνισεν ὅτι ἡ κυβέρνησις θὰ συνεχίσῃ τὸ ἔργον τῆς ἀνασυγκροτήσεως. Ὁ Πρωθυπουργὸς εἰς τὸ μήνυμά του ἐπὶ τῷ νέῳ ἔτει ἐξέφρασε τὴν αἰσιοδοξίαν του διὰ τὸ μέλλον τῆς χώρας καὶ ἐτόνισεν ὅτι ἡ κυβέρνησις θὰ συνεχίσῃ τὸ ἔργον τῆς ἀνασυγκροτήσεως. Ὁ Πρωθυπουργὸς εἰς τὸ μήνυμά του ἐπὶ τῷ νέῳ ἔτει ἐξέφρασε τὴν αἰσιοδοξίαν του διὰ τὸ μέλλον τῆς χώρας καὶ ἐτόνισεν ὅτι ἡ κυβέρνησις θὰ συνεχίσῃ τὸ ἔργον τῆς ἀνασυγκροτήσεως. Ὁ Πρωθυπουργὸς εἰς τὸ μήνυμά του ἐπὶ τῷ νέῳ ἔτει ἐξέφρασε τὴν αἰσιοδοξίαν του διὰ τὸ μέλλον τῆς χώρας καὶ ἐτόνισεν ὅτι ἡ κυβέρνησις θὰ συνεχίσῃ τὸ ἔργον τῆς ἀνασυγκροτήσεως.
